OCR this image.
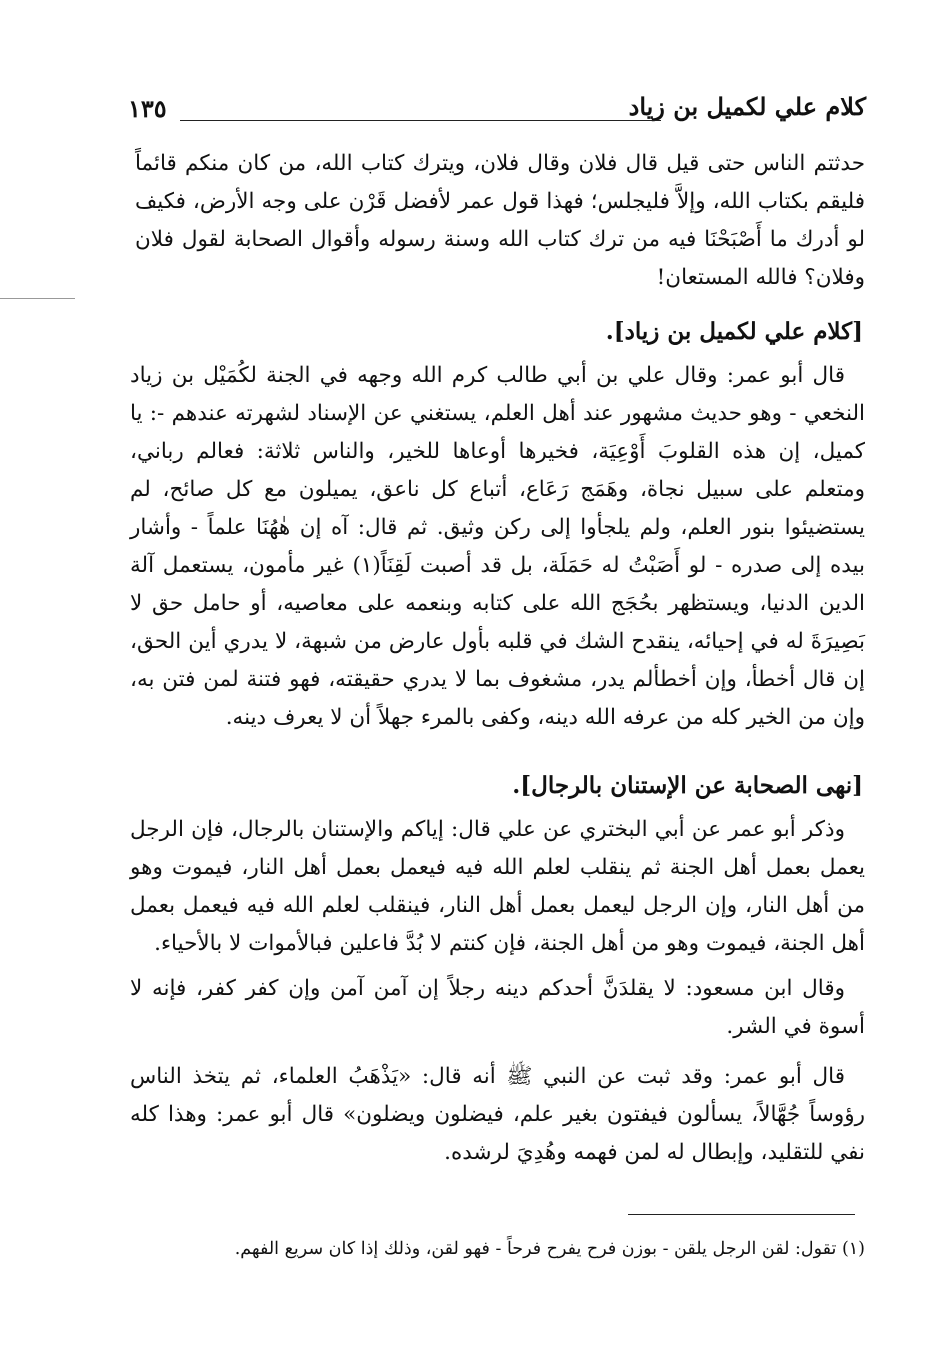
كلام علي لكميل بن زياد
١٣٥

حدثتم الناس حتى قيل قال فلان وقال فلان، ويترك كتاب الله، من كان منكم قائماً فليقم بكتاب الله، وإلاَّ فليجلس؛ فهذا قول عمر لأفضل قَرْن على وجه الأرض، فكيف لو أدرك ما أَصْبَحْنَا فيه من ترك كتاب الله وسنة رسوله وأقوال الصحابة لقول فلان وفلان؟ فالله المستعان!

[كلام علي لكميل بن زياد].

قال أبو عمر: وقال علي بن أبي طالب كرم الله وجهه في الجنة لكُمَيْل بن زياد النخعي - وهو حديث مشهور عند أهل العلم، يستغني عن الإسناد لشهرته عندهم -: يا كميل، إن هذه القلوبَ أَوْعِيَة، فخيرها أوعاها للخير، والناس ثلاثة: فعالم رباني، ومتعلم على سبيل نجاة، وهَمَج رَعَاع، أتباع كل ناعق، يميلون مع كل صائح، لم يستضيئوا بنور العلم، ولم يلجأوا إلى ركن وثيق. ثم قال: آه إن هٰهُنَا علماً - وأشار بيده إلى صدره - لو أَصَبْتُ له حَمَلَة، بل قد أصبت لَقِنَاً(١) غير مأمون، يستعمل آلة الدين الدنيا، ويستظهر بحُجَج الله على كتابه وبنعمه على معاصيه، أو حامل حق لا بَصِيرَةَ له في إحيائه، ينقدح الشك في قلبه بأول عارض من شبهة، لا يدري أين الحق، إن قال أخطأ، وإن أخطألم يدر، مشغوف بما لا يدري حقيقته، فهو فتنة لمن فتن به، وإن من الخير كله من عرفه الله دينه، وكفى بالمرء جهلاً أن لا يعرف دينه.

[نهى الصحابة عن الإستنان بالرجال].

وذكر أبو عمر عن أبي البختري عن علي قال: إياكم والإستنان بالرجال، فإن الرجل يعمل بعمل أهل الجنة ثم ينقلب لعلم الله فيه فيعمل بعمل أهل النار، فيموت وهو من أهل النار، وإن الرجل ليعمل بعمل أهل النار، فينقلب لعلم الله فيه فيعمل بعمل أهل الجنة، فيموت وهو من أهل الجنة، فإن كنتم لا بُدَّ فاعلين فبالأموات لا بالأحياء.

وقال ابن مسعود: لا يقلدَنَّ أحدكم دينه رجلاً إن آمن آمن وإن كفر كفر، فإنه لا أسوة في الشر.

قال أبو عمر: وقد ثبت عن النبي ﷺ أنه قال: «يَذْهَبُ العلماء، ثم يتخذ الناس رؤوساً جُهَّالاً، يسألون فيفتون بغير علم، فيضلون ويضلون» قال أبو عمر: وهذا كله نفي للتقليد، وإبطال له لمن فهمه وهُدِيَ لرشده.

(١) تقول: لقن الرجل يلقن - بوزن فرح يفرح فرحاً - فهو لقن، وذلك إذا كان سريع الفهم.
